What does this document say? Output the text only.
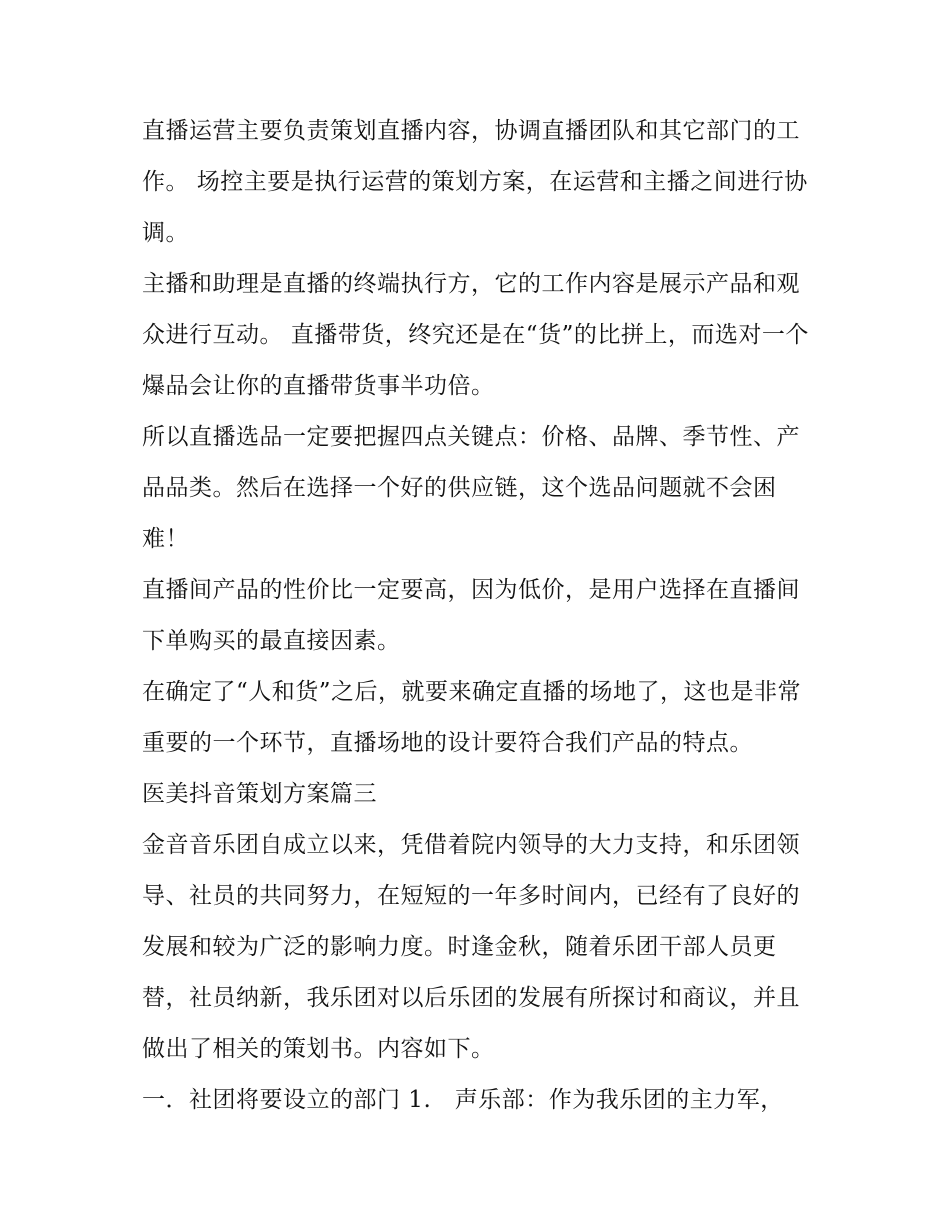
直播运营主要负责策划直播内容，协调直播团队和其它部门的工作。 场控主要是执行运营的策划方案，在运营和主播之间进行协调。

主播和助理是直播的终端执行方，它的工作内容是展示产品和观众进行互动。 直播带货，终究还是在“货”的比拼上，而选对一个爆品会让你的直播带货事半功倍。

所以直播选品一定要把握四点关键点：价格、品牌、季节性、产品品类。然后在选择一个好的供应链，这个选品问题就不会困难！

直播间产品的性价比一定要高，因为低价，是用户选择在直播间下单购买的最直接因素。

在确定了“人和货”之后，就要来确定直播的场地了，这也是非常重要的一个环节，直播场地的设计要符合我们产品的特点。

医美抖音策划方案篇三

金音音乐团自成立以来，凭借着院内领导的大力支持，和乐团领导、社员的共同努力，在短短的一年多时间内，已经有了良好的发展和较为广泛的影响力度。时逢金秋，随着乐团干部人员更替，社员纳新，我乐团对以后乐团的发展有所探讨和商议，并且做出了相关的策划书。内容如下。

一．社团将要设立的部门 1.　声乐部：作为我乐团的主力军，
